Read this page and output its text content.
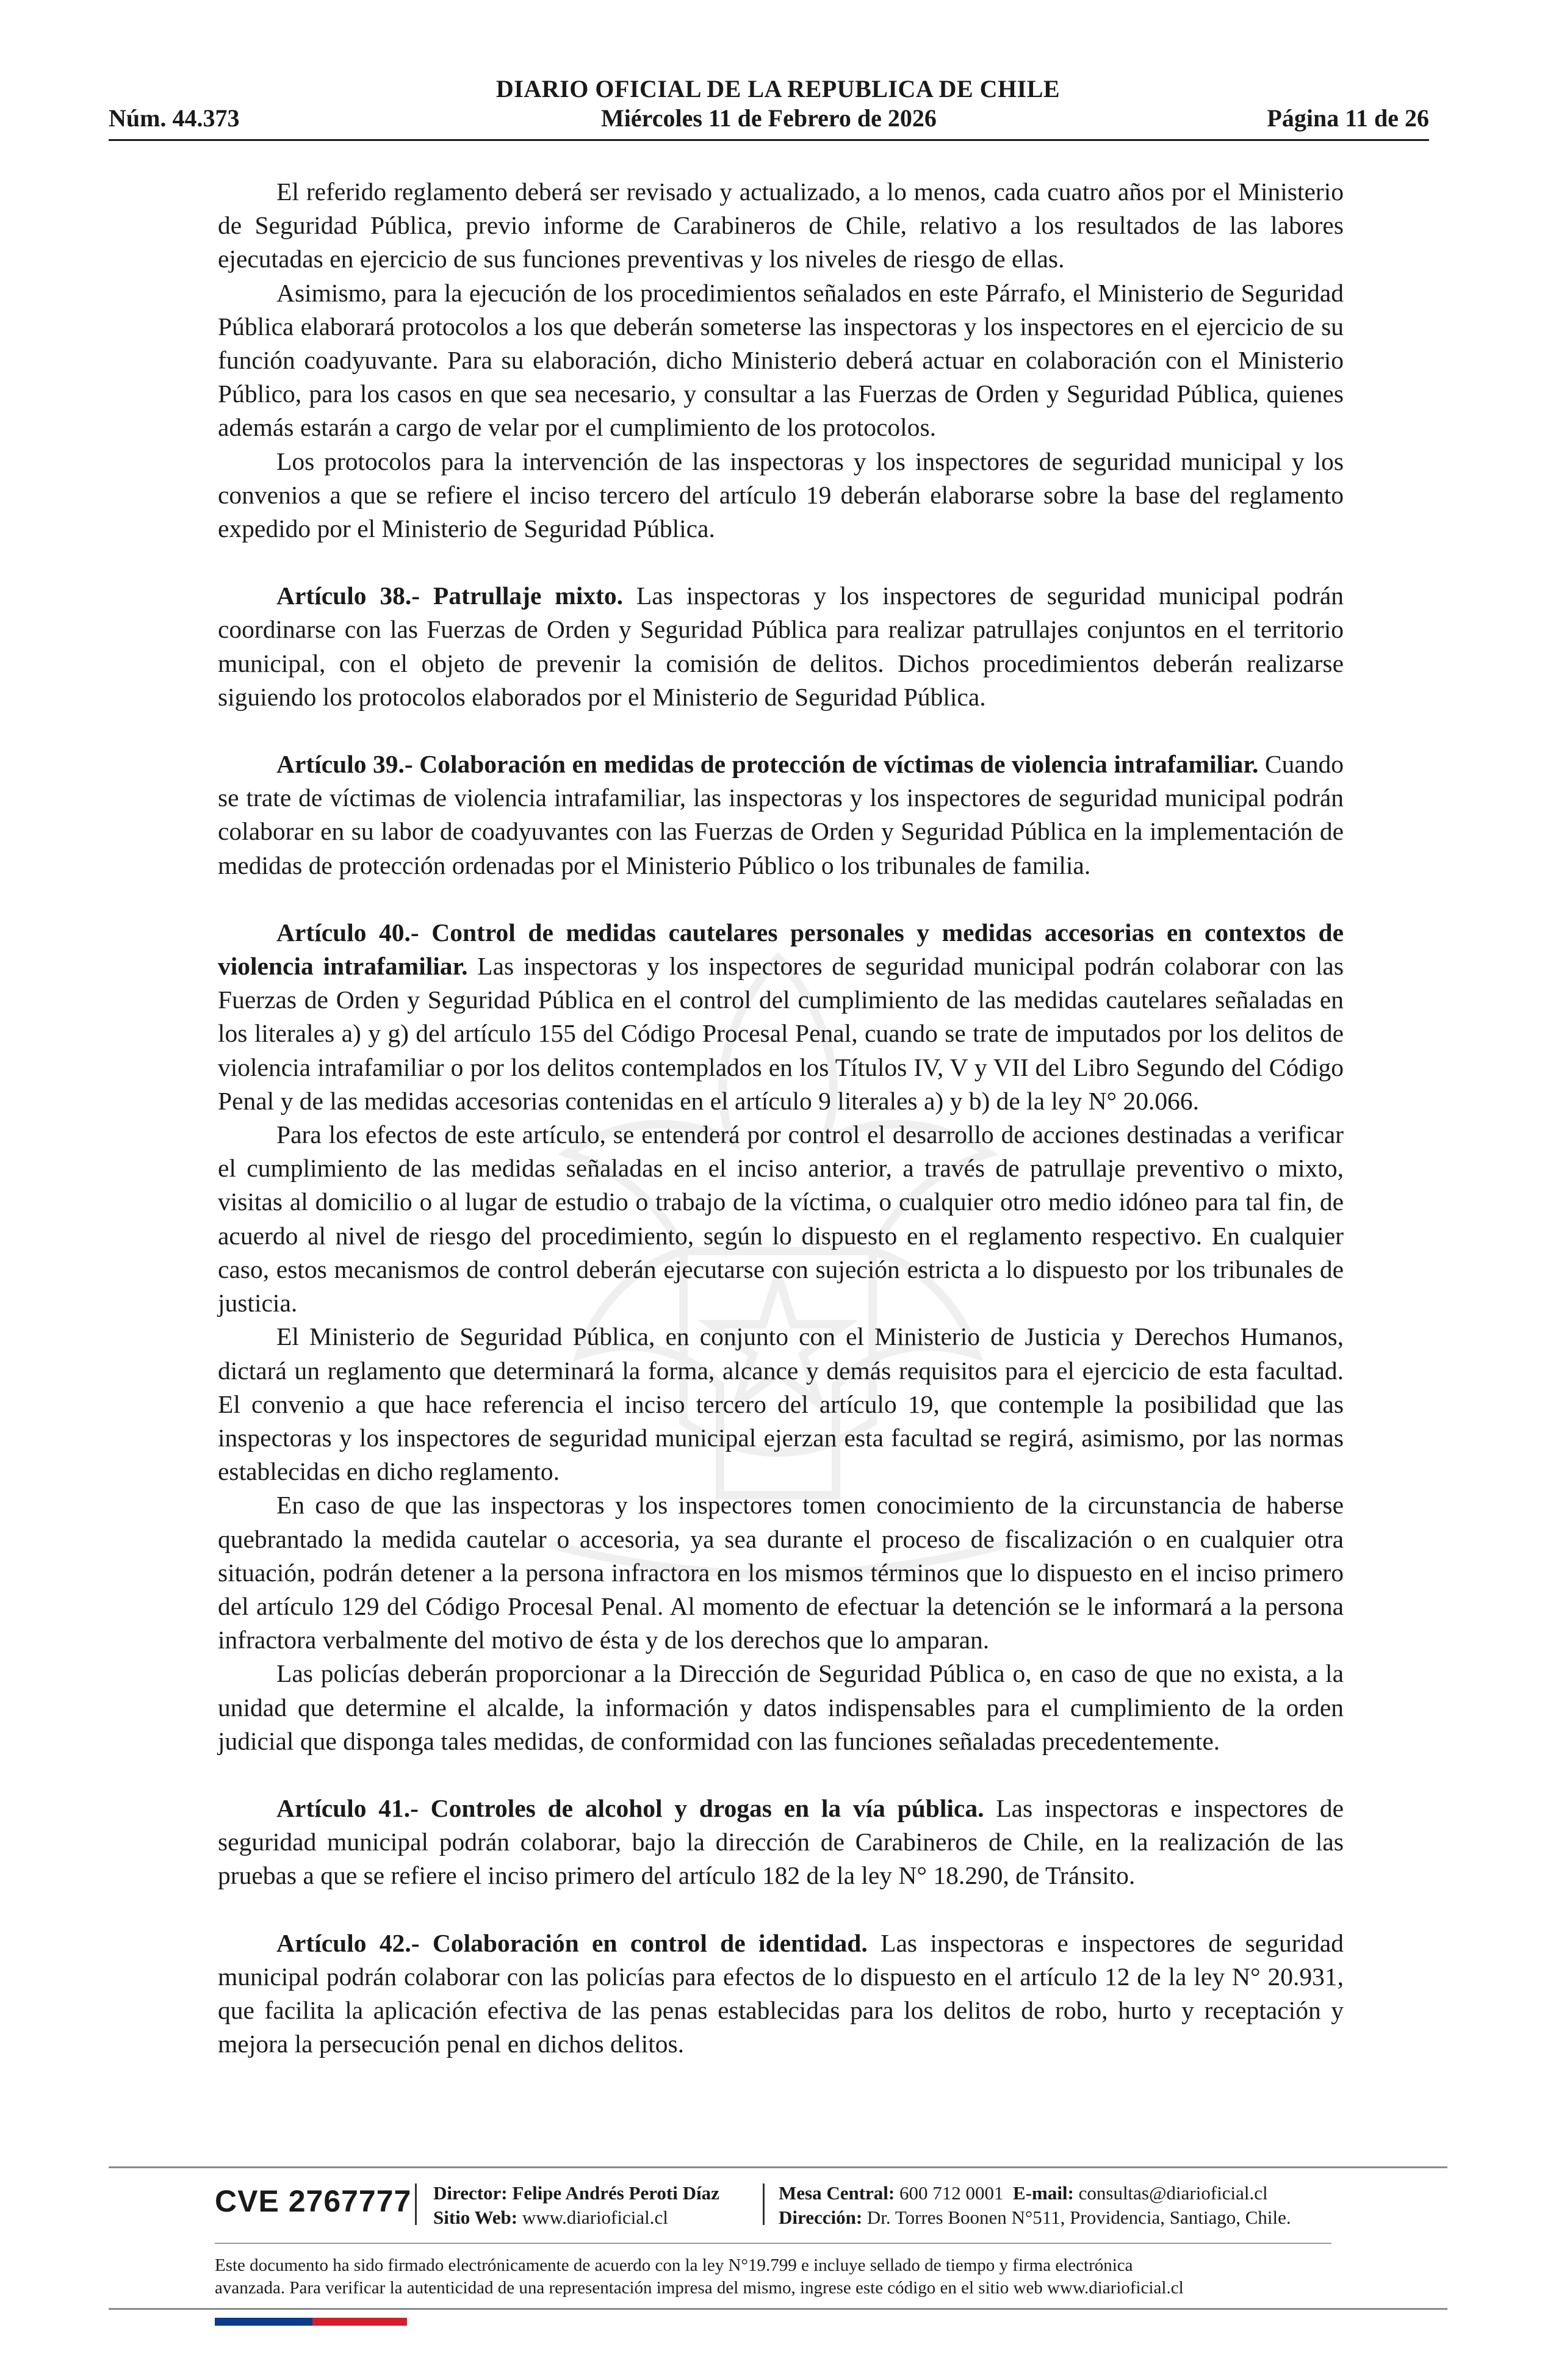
DIARIO OFICIAL DE LA REPUBLICA DE CHILE
Núm. 44.373	Miércoles 11 de Febrero de 2026	Página 11 de 26

El referido reglamento deberá ser revisado y actualizado, a lo menos, cada cuatro años por el Ministerio de Seguridad Pública, previo informe de Carabineros de Chile, relativo a los resultados de las labores ejecutadas en ejercicio de sus funciones preventivas y los niveles de riesgo de ellas.

Asimismo, para la ejecución de los procedimientos señalados en este Párrafo, el Ministerio de Seguridad Pública elaborará protocolos a los que deberán someterse las inspectoras y los inspectores en el ejercicio de su función coadyuvante. Para su elaboración, dicho Ministerio deberá actuar en colaboración con el Ministerio Público, para los casos en que sea necesario, y consultar a las Fuerzas de Orden y Seguridad Pública, quienes además estarán a cargo de velar por el cumplimiento de los protocolos.

Los protocolos para la intervención de las inspectoras y los inspectores de seguridad municipal y los convenios a que se refiere el inciso tercero del artículo 19 deberán elaborarse sobre la base del reglamento expedido por el Ministerio de Seguridad Pública.

Artículo 38.- Patrullaje mixto. Las inspectoras y los inspectores de seguridad municipal podrán coordinarse con las Fuerzas de Orden y Seguridad Pública para realizar patrullajes conjuntos en el territorio municipal, con el objeto de prevenir la comisión de delitos. Dichos procedimientos deberán realizarse siguiendo los protocolos elaborados por el Ministerio de Seguridad Pública.

Artículo 39.- Colaboración en medidas de protección de víctimas de violencia intrafamiliar. Cuando se trate de víctimas de violencia intrafamiliar, las inspectoras y los inspectores de seguridad municipal podrán colaborar en su labor de coadyuvantes con las Fuerzas de Orden y Seguridad Pública en la implementación de medidas de protección ordenadas por el Ministerio Público o los tribunales de familia.

Artículo 40.- Control de medidas cautelares personales y medidas accesorias en contextos de violencia intrafamiliar. Las inspectoras y los inspectores de seguridad municipal podrán colaborar con las Fuerzas de Orden y Seguridad Pública en el control del cumplimiento de las medidas cautelares señaladas en los literales a) y g) del artículo 155 del Código Procesal Penal, cuando se trate de imputados por los delitos de violencia intrafamiliar o por los delitos contemplados en los Títulos IV, V y VII del Libro Segundo del Código Penal y de las medidas accesorias contenidas en el artículo 9 literales a) y b) de la ley N° 20.066.

Para los efectos de este artículo, se entenderá por control el desarrollo de acciones destinadas a verificar el cumplimiento de las medidas señaladas en el inciso anterior, a través de patrullaje preventivo o mixto, visitas al domicilio o al lugar de estudio o trabajo de la víctima, o cualquier otro medio idóneo para tal fin, de acuerdo al nivel de riesgo del procedimiento, según lo dispuesto en el reglamento respectivo. En cualquier caso, estos mecanismos de control deberán ejecutarse con sujeción estricta a lo dispuesto por los tribunales de justicia.

El Ministerio de Seguridad Pública, en conjunto con el Ministerio de Justicia y Derechos Humanos, dictará un reglamento que determinará la forma, alcance y demás requisitos para el ejercicio de esta facultad. El convenio a que hace referencia el inciso tercero del artículo 19, que contemple la posibilidad que las inspectoras y los inspectores de seguridad municipal ejerzan esta facultad se regirá, asimismo, por las normas establecidas en dicho reglamento.

En caso de que las inspectoras y los inspectores tomen conocimiento de la circunstancia de haberse quebrantado la medida cautelar o accesoria, ya sea durante el proceso de fiscalización o en cualquier otra situación, podrán detener a la persona infractora en los mismos términos que lo dispuesto en el inciso primero del artículo 129 del Código Procesal Penal. Al momento de efectuar la detención se le informará a la persona infractora verbalmente del motivo de ésta y de los derechos que lo amparan.

Las policías deberán proporcionar a la Dirección de Seguridad Pública o, en caso de que no exista, a la unidad que determine el alcalde, la información y datos indispensables para el cumplimiento de la orden judicial que disponga tales medidas, de conformidad con las funciones señaladas precedentemente.

Artículo 41.- Controles de alcohol y drogas en la vía pública. Las inspectoras e inspectores de seguridad municipal podrán colaborar, bajo la dirección de Carabineros de Chile, en la realización de las pruebas a que se refiere el inciso primero del artículo 182 de la ley N° 18.290, de Tránsito.

Artículo 42.- Colaboración en control de identidad. Las inspectoras e inspectores de seguridad municipal podrán colaborar con las policías para efectos de lo dispuesto en el artículo 12 de la ley N° 20.931, que facilita la aplicación efectiva de las penas establecidas para los delitos de robo, hurto y receptación y mejora la persecución penal en dichos delitos.

CVE 2767777 Director: Felipe Andrés Peroti Díaz
Sitio Web: www.diarioficial.cl
Mesa Central: 600 712 0001 E-mail: consultas@diarioficial.cl
Dirección: Dr. Torres Boonen N°511, Providencia, Santiago, Chile.
Este documento ha sido firmado electrónicamente de acuerdo con la ley N°19.799 e incluye sellado de tiempo y firma electrónica
avanzada. Para verificar la autenticidad de una representación impresa del mismo, ingrese este código en el sitio web www.diarioficial.cl
